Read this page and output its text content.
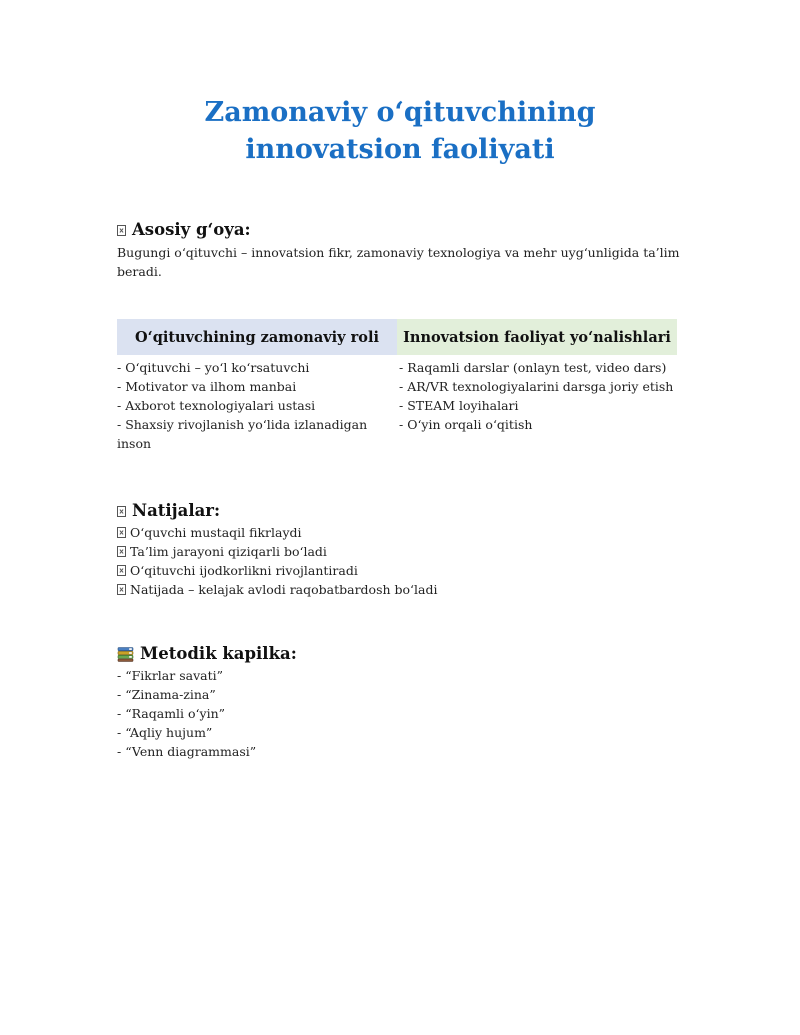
Zamonaviy o‘qituvchining innovatsion faoliyati
Asosiy g‘oya:
Bugungi o‘qituvchi – innovatsion fikr, zamonaviy texnologiya va mehr uyg‘unligida ta’lim beradi.
O‘qituvchining zamonaviy roli
- O‘qituvchi – yo‘l ko‘rsatuvchi
- Motivator va ilhom manbai
- Axborot texnologiyalari ustasi
- Shaxsiy rivojlanish yo‘lida izlanadigan inson
Innovatsion faoliyat yo‘nalishlari
- Raqamli darslar (onlayn test, video dars)
- AR/VR texnologiyalarini darsga joriy etish
- STEAM loyihalari
- O‘yin orqali o‘qitish
Natijalar:
O‘quvchi mustaqil fikrlaydi
Ta’lim jarayoni qiziqarli bo‘ladi
O‘qituvchi ijodkorlikni rivojlantiradi
Natijada – kelajak avlodi raqobatbardosh bo‘ladi
Metodik kapilka:
- “Fikrlar savati”
- “Zinama-zina”
- “Raqamli o‘yin”
- “Aqliy hujum”
- “Venn diagrammasi”
